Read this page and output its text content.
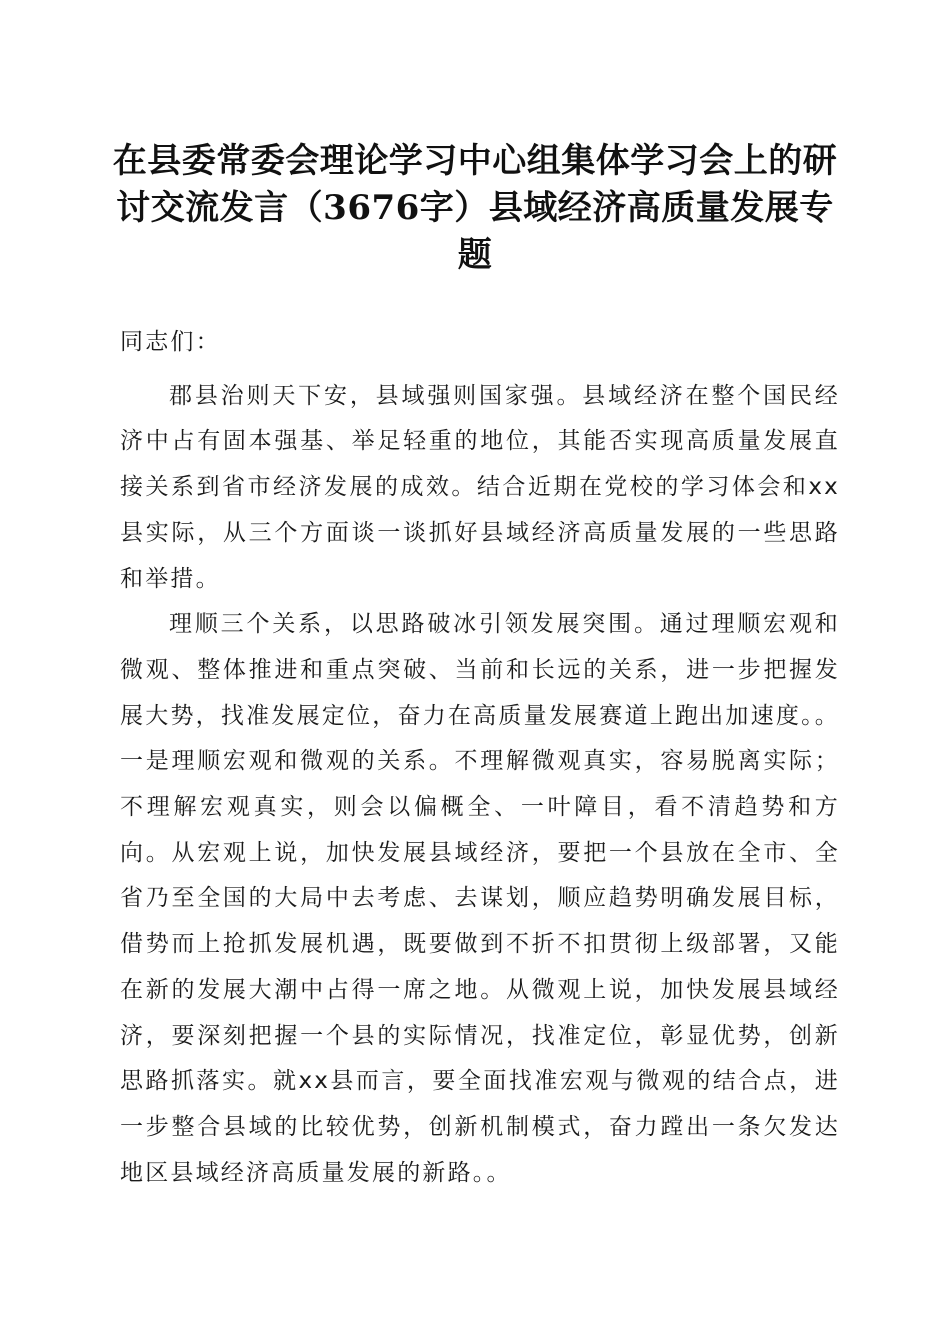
在县委常委会理论学习中心组集体学习会上的研讨交流发言（3676字）县域经济高质量发展专题

同志们：

郡县治则天下安，县域强则国家强。县域经济在整个国民经济中占有固本强基、举足轻重的地位，其能否实现高质量发展直接关系到省市经济发展的成效。结合近期在党校的学习体会和xx县实际，从三个方面谈一谈抓好县域经济高质量发展的一些思路和举措。

理顺三个关系，以思路破冰引领发展突围。通过理顺宏观和微观、整体推进和重点突破、当前和长远的关系，进一步把握发展大势，找准发展定位，奋力在高质量发展赛道上跑出加速度。。一是理顺宏观和微观的关系。不理解微观真实，容易脱离实际；不理解宏观真实，则会以偏概全、一叶障目，看不清趋势和方向。从宏观上说，加快发展县域经济，要把一个县放在全市、全省乃至全国的大局中去考虑、去谋划，顺应趋势明确发展目标，借势而上抢抓发展机遇，既要做到不折不扣贯彻上级部署，又能在新的发展大潮中占得一席之地。从微观上说，加快发展县域经济，要深刻把握一个县的实际情况，找准定位，彰显优势，创新思路抓落实。就xx县而言，要全面找准宏观与微观的结合点，进一步整合县域的比较优势，创新机制模式，奋力蹚出一条欠发达地区县域经济高质量发展的新路。。
